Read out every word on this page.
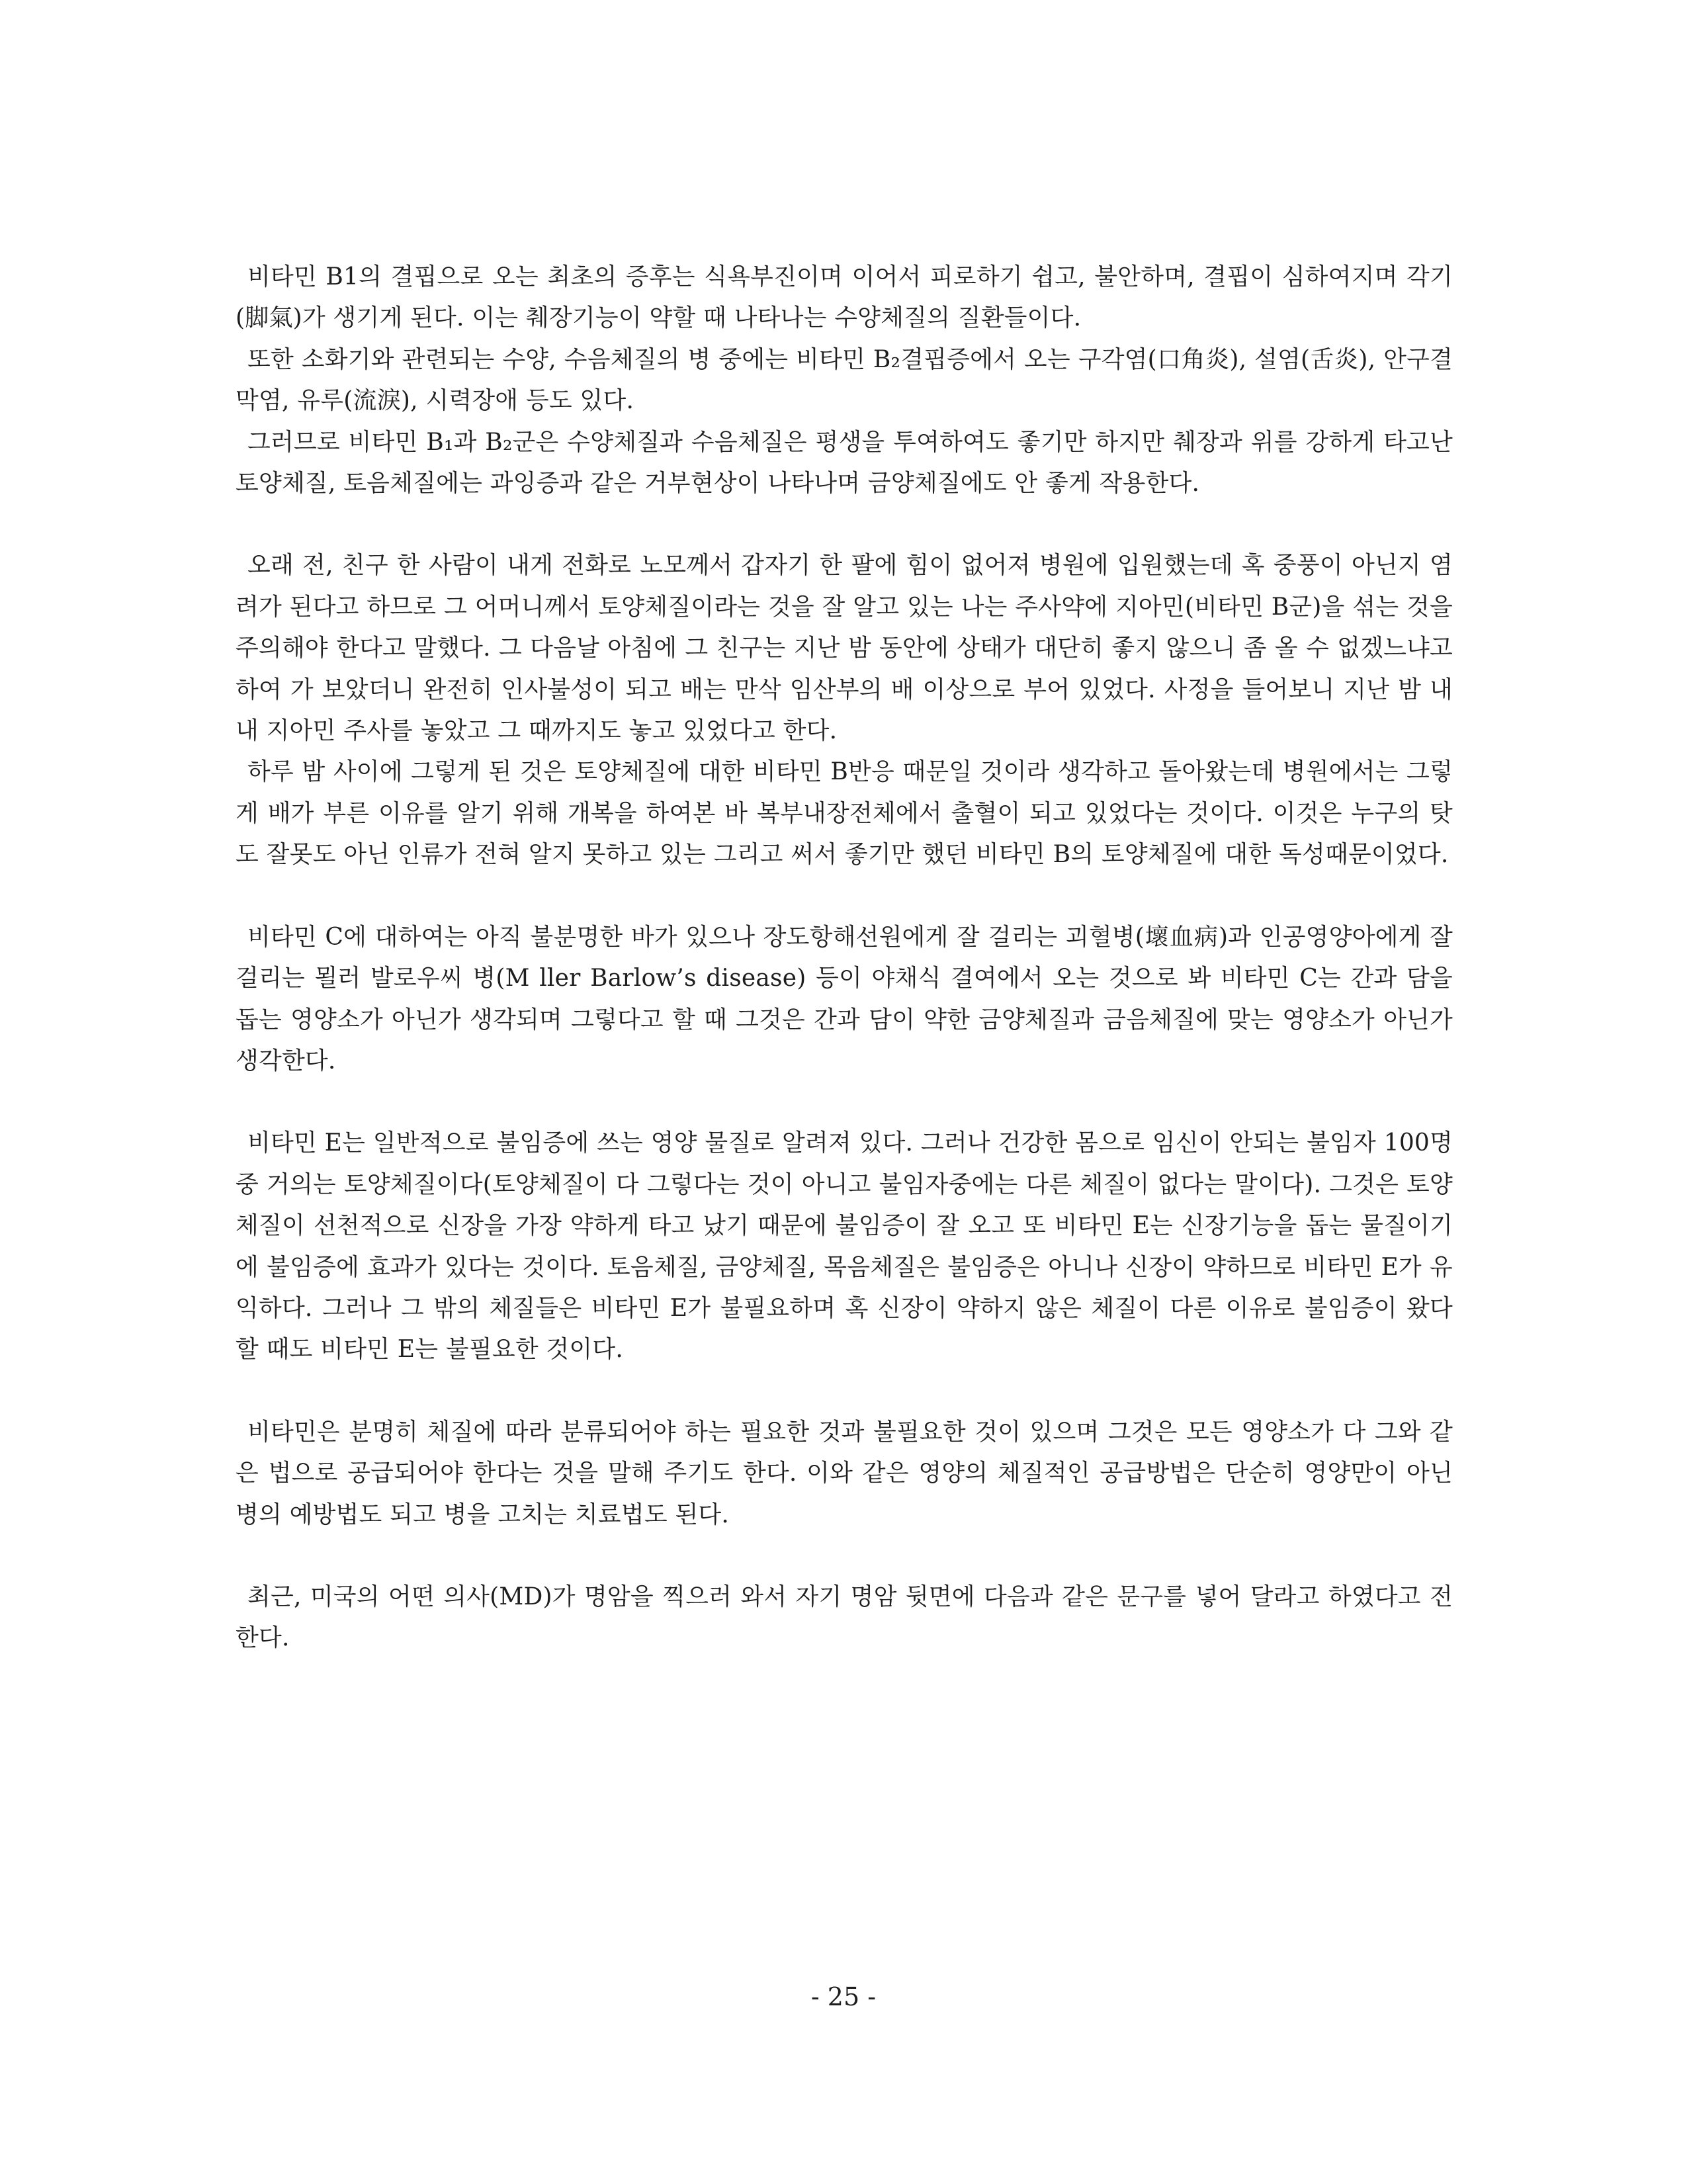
비타민 B1의 결핍으로 오는 최초의 증후는 식욕부진이며 이어서 피로하기 쉽고, 불안하며, 결핍이 심하여지며 각기(脚氣)가 생기게 된다. 이는 췌장기능이 약할 때 나타나는 수양체질의 질환들이다.

또한 소화기와 관련되는 수양, 수음체질의 병 중에는 비타민 B₂결핍증에서 오는 구각염(口角炎), 설염(舌炎), 안구결막염, 유루(流淚), 시력장애 등도 있다.

그러므로 비타민 B₁과 B₂군은 수양체질과 수음체질은 평생을 투여하여도 좋기만 하지만 췌장과 위를 강하게 타고난 토양체질, 토음체질에는 과잉증과 같은 거부현상이 나타나며 금양체질에도 안 좋게 작용한다.

오래 전, 친구 한 사람이 내게 전화로 노모께서 갑자기 한 팔에 힘이 없어져 병원에 입원했는데 혹 중풍이 아닌지 염려가 된다고 하므로 그 어머니께서 토양체질이라는 것을 잘 알고 있는 나는 주사약에 지아민(비타민 B군)을 섞는 것을 주의해야 한다고 말했다. 그 다음날 아침에 그 친구는 지난 밤 동안에 상태가 대단히 좋지 않으니 좀 올 수 없겠느냐고 하여 가 보았더니 완전히 인사불성이 되고 배는 만삭 임산부의 배 이상으로 부어 있었다. 사정을 들어보니 지난 밤 내내 지아민 주사를 놓았고 그 때까지도 놓고 있었다고 한다.

하루 밤 사이에 그렇게 된 것은 토양체질에 대한 비타민 B반응 때문일 것이라 생각하고 돌아왔는데 병원에서는 그렇게 배가 부른 이유를 알기 위해 개복을 하여본 바 복부내장전체에서 출혈이 되고 있었다는 것이다. 이것은 누구의 탓도 잘못도 아닌 인류가 전혀 알지 못하고 있는 그리고 써서 좋기만 했던 비타민 B의 토양체질에 대한 독성때문이었다.

비타민 C에 대하여는 아직 불분명한 바가 있으나 장도항해선원에게 잘 걸리는 괴혈병(壞血病)과 인공영양아에게 잘 걸리는 묄러 발로우씨 병(M ller Barlow’s disease) 등이 야채식 결여에서 오는 것으로 봐 비타민 C는 간과 담을 돕는 영양소가 아닌가 생각되며 그렇다고 할 때 그것은 간과 담이 약한 금양체질과 금음체질에 맞는 영양소가 아닌가 생각한다.

비타민 E는 일반적으로 불임증에 쓰는 영양 물질로 알려져 있다. 그러나 건강한 몸으로 임신이 안되는 불임자 100명 중 거의는 토양체질이다(토양체질이 다 그렇다는 것이 아니고 불임자중에는 다른 체질이 없다는 말이다). 그것은 토양체질이 선천적으로 신장을 가장 약하게 타고 났기 때문에 불임증이 잘 오고 또 비타민 E는 신장기능을 돕는 물질이기에 불임증에 효과가 있다는 것이다. 토음체질, 금양체질, 목음체질은 불임증은 아니나 신장이 약하므로 비타민 E가 유익하다. 그러나 그 밖의 체질들은 비타민 E가 불필요하며 혹 신장이 약하지 않은 체질이 다른 이유로 불임증이 왔다 할 때도 비타민 E는 불필요한 것이다.

비타민은 분명히 체질에 따라 분류되어야 하는 필요한 것과 불필요한 것이 있으며 그것은 모든 영양소가 다 그와 같은 법으로 공급되어야 한다는 것을 말해 주기도 한다. 이와 같은 영양의 체질적인 공급방법은 단순히 영양만이 아닌 병의 예방법도 되고 병을 고치는 치료법도 된다.

최근, 미국의 어떤 의사(MD)가 명암을 찍으러 와서 자기 명암 뒷면에 다음과 같은 문구를 넣어 달라고 하였다고 전한다.

- 25 -
